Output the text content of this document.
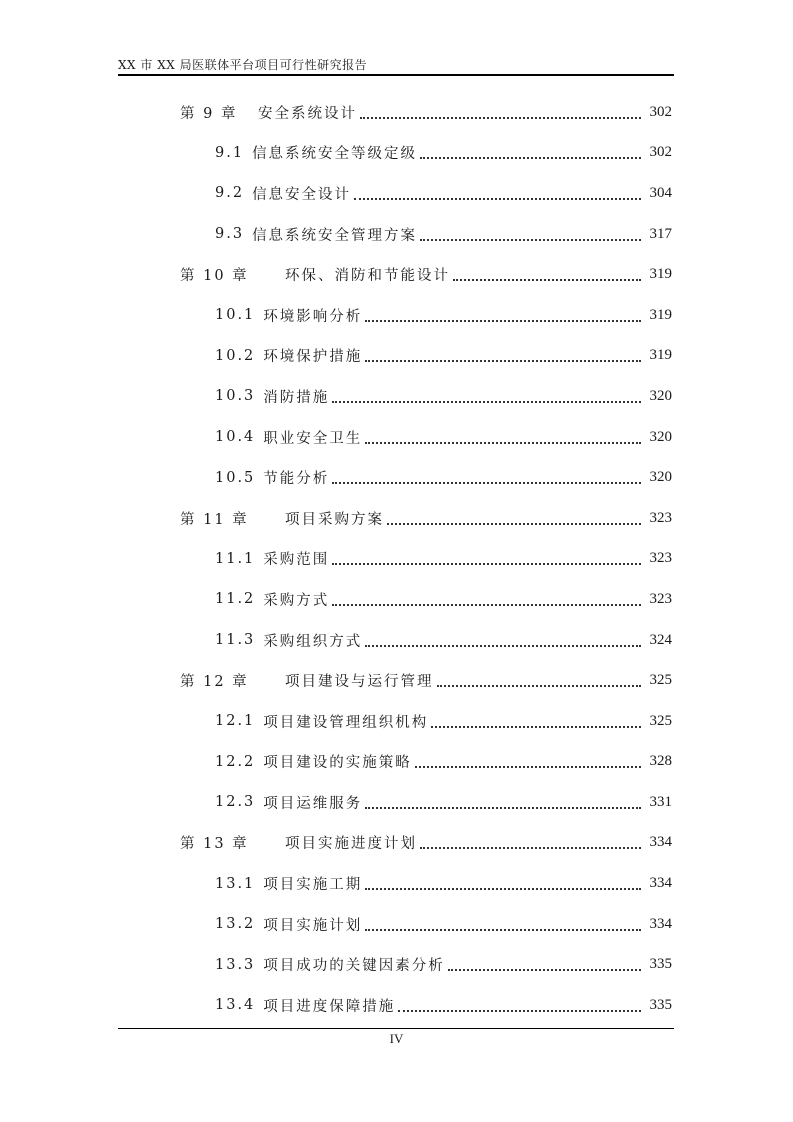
XX 市 XX 局医联体平台项目可行性研究报告
第 9 章	安全系统设计	302
9.1 信息系统安全等级定级	302
9.2 信息安全设计	304
9.3 信息系统安全管理方案	317
第 10 章	环保、消防和节能设计	319
10.1 环境影响分析	319
10.2 环境保护措施	319
10.3 消防措施	320
10.4 职业安全卫生	320
10.5 节能分析	320
第 11 章	项目采购方案	323
11.1 采购范围	323
11.2 采购方式	323
11.3 采购组织方式	324
第 12 章	项目建设与运行管理	325
12.1 项目建设管理组织机构	325
12.2 项目建设的实施策略	328
12.3 项目运维服务	331
第 13 章	项目实施进度计划	334
13.1 项目实施工期	334
13.2 项目实施计划	334
13.3 项目成功的关键因素分析	335
13.4 项目进度保障措施	335
IV
